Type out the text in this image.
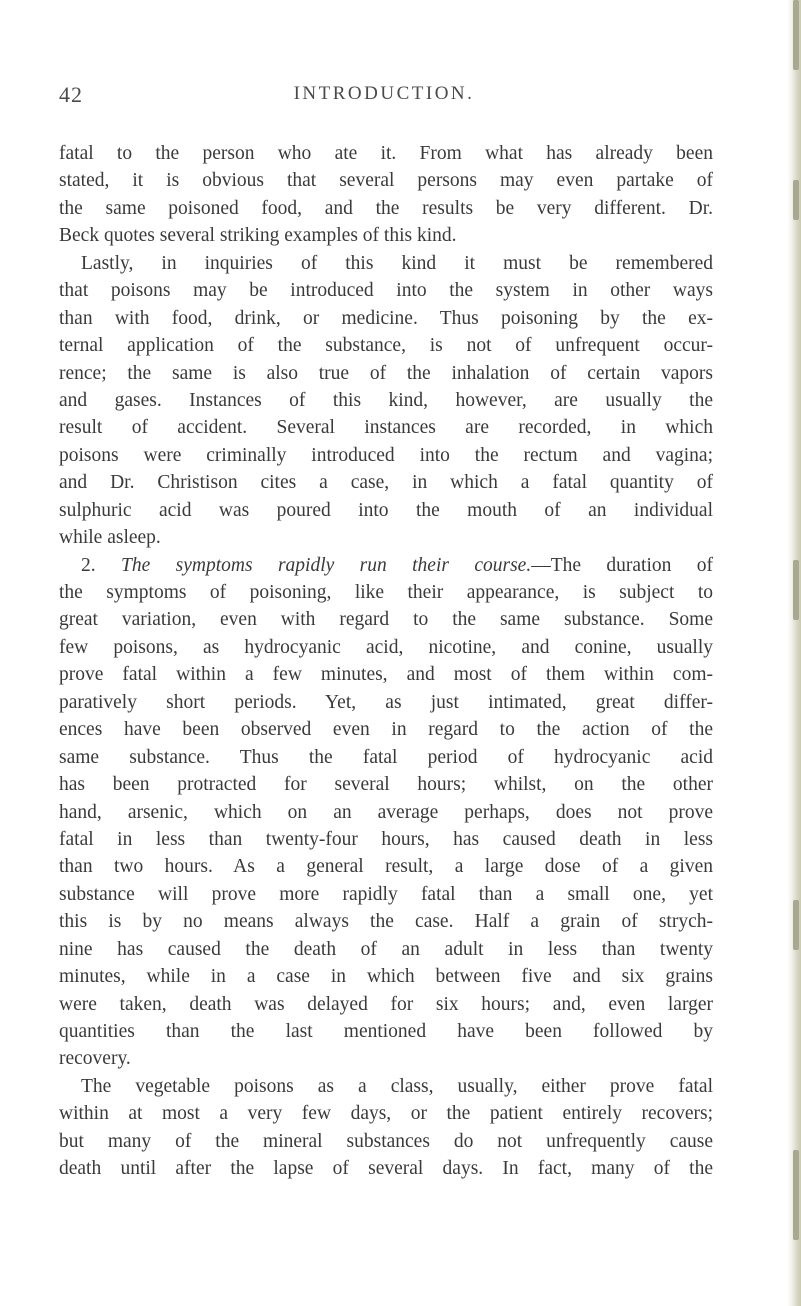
42	INTRODUCTION.
fatal to the person who ate it. From what has already been
stated, it is obvious that several persons may even partake of
the same poisoned food, and the results be very different. Dr.
Beck quotes several striking examples of this kind.
Lastly, in inquiries of this kind it must be remembered
that poisons may be introduced into the system in other ways
than with food, drink, or medicine. Thus poisoning by the ex-
ternal application of the substance, is not of unfrequent occur-
rence; the same is also true of the inhalation of certain vapors
and gases. Instances of this kind, however, are usually the
result of accident. Several instances are recorded, in which
poisons were criminally introduced into the rectum and vagina;
and Dr. Christison cites a case, in which a fatal quantity of
sulphuric acid was poured into the mouth of an individual
while asleep.
2. The symptoms rapidly run their course.—The duration of
the symptoms of poisoning, like their appearance, is subject to
great variation, even with regard to the same substance. Some
few poisons, as hydrocyanic acid, nicotine, and conine, usually
prove fatal within a few minutes, and most of them within com-
paratively short periods. Yet, as just intimated, great differ-
ences have been observed even in regard to the action of the
same substance. Thus the fatal period of hydrocyanic acid
has been protracted for several hours; whilst, on the other
hand, arsenic, which on an average perhaps, does not prove
fatal in less than twenty-four hours, has caused death in less
than two hours. As a general result, a large dose of a given
substance will prove more rapidly fatal than a small one, yet
this is by no means always the case. Half a grain of strych-
nine has caused the death of an adult in less than twenty
minutes, while in a case in which between five and six grains
were taken, death was delayed for six hours; and, even larger
quantities than the last mentioned have been followed by
recovery.
The vegetable poisons as a class, usually, either prove fatal
within at most a very few days, or the patient entirely recovers;
but many of the mineral substances do not unfrequently cause
death until after the lapse of several days. In fact, many of the
